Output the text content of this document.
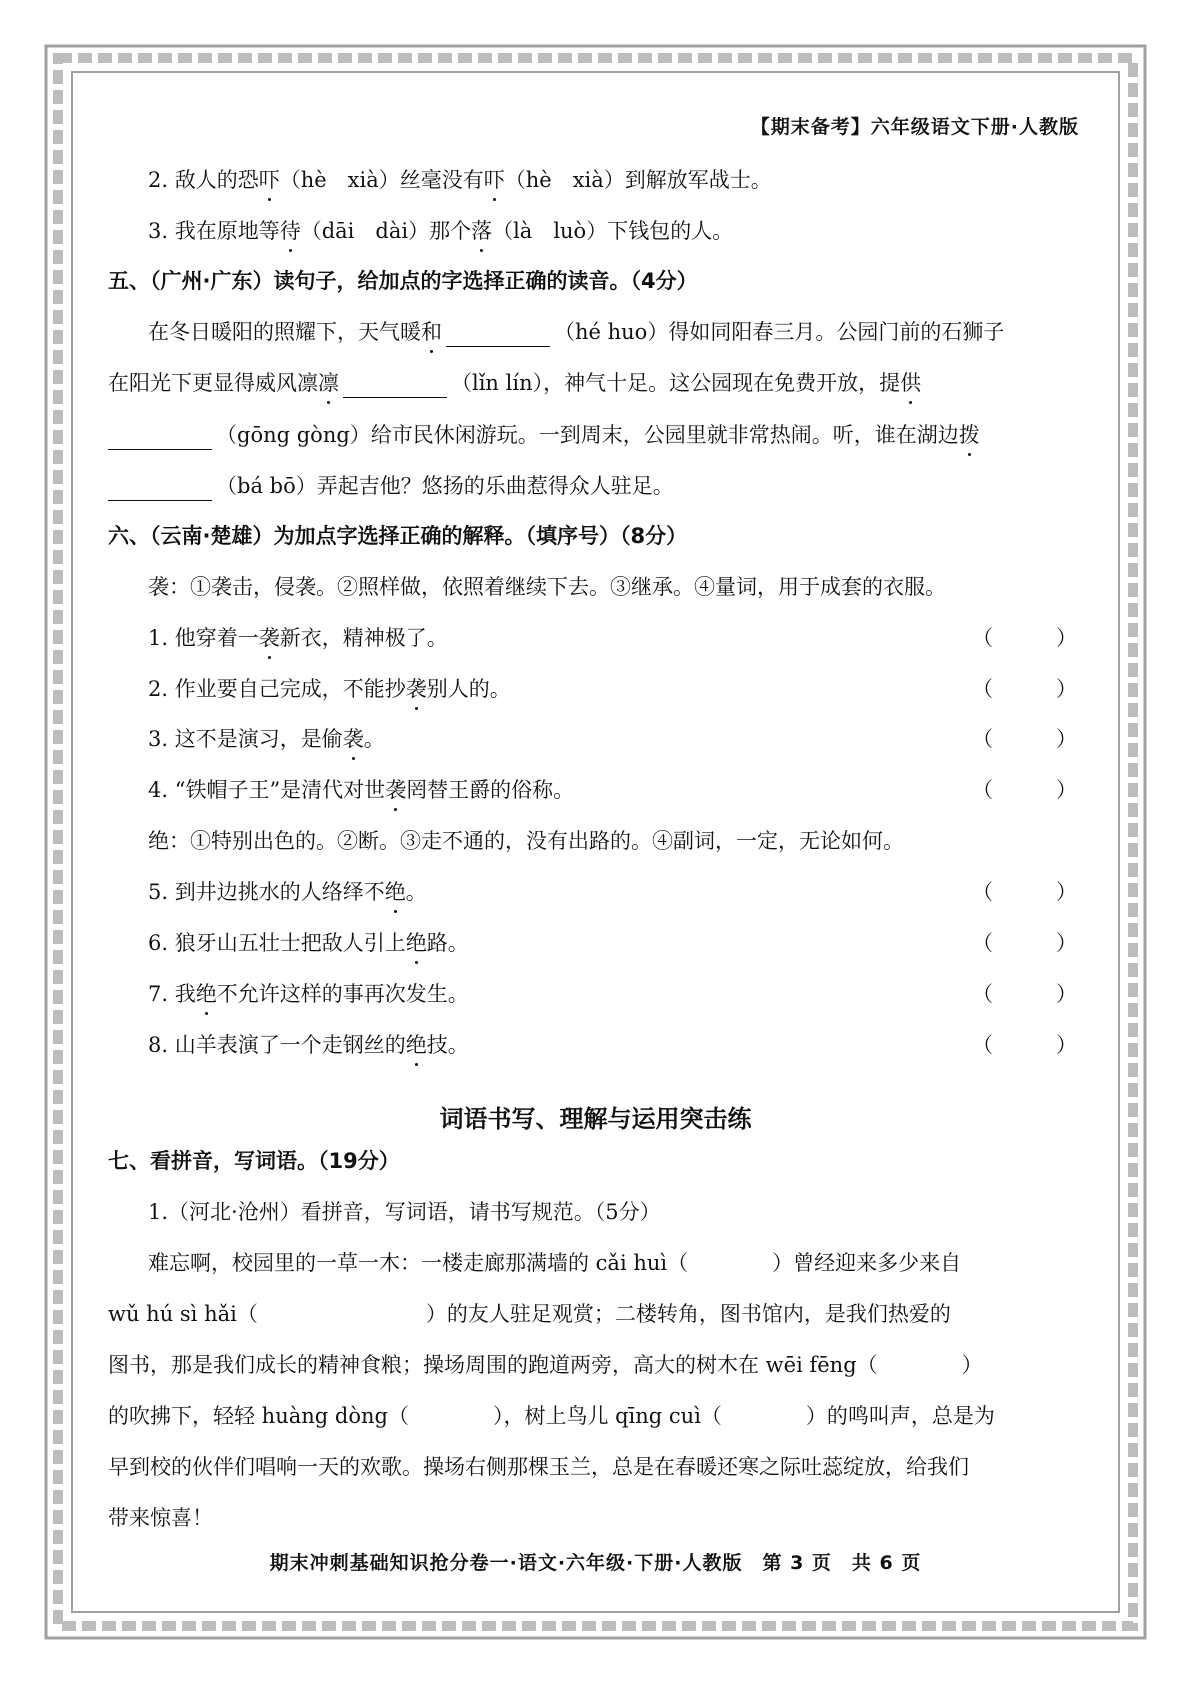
【期末备考】六年级语文下册·人教版
2. 敌人的恐吓（hè　xià）丝毫没有吓（hè　xià）到解放军战士。
3. 我在原地等待（dāi　dài）那个落（là　luò）下钱包的人。
五、（广州·广东）读句子，给加点的字选择正确的读音。（4分）
在冬日暖阳的照耀下，天气暖和	（hé huo）得如同阳春三月。公园门前的石狮子
在阳光下更显得威风凛凛	（lǐn lín），神气十足。这公园现在免费开放，提供
（gōng gòng）给市民休闲游玩。一到周末，公园里就非常热闹。听，谁在湖边拨
（bá bō）弄起吉他？悠扬的乐曲惹得众人驻足。
六、（云南·楚雄）为加点字选择正确的解释。（填序号）（8分）
袭：①袭击，侵袭。②照样做，依照着继续下去。③继承。④量词，用于成套的衣服。
1. 他穿着一袭新衣，精神极了。	（　　　）
2. 作业要自己完成，不能抄袭别人的。	（　　　）
3. 这不是演习，是偷袭。	（　　　）
4. “铁帽子王”是清代对世袭罔替王爵的俗称。	（　　　）
绝：①特别出色的。②断。③走不通的，没有出路的。④副词，一定，无论如何。
5. 到井边挑水的人络绎不绝。	（　　　）
6. 狼牙山五壮士把敌人引上绝路。	（　　　）
7. 我绝不允许这样的事再次发生。	（　　　）
8. 山羊表演了一个走钢丝的绝技。	（　　　）
词语书写、理解与运用突击练
七、看拼音，写词语。（19分）
1.（河北·沧州）看拼音，写词语，请书写规范。（5分）
难忘啊，校园里的一草一木：一楼走廊那满墙的 cǎi huì（　　　　）曾经迎来多少来自
wǔ hú sì hǎi（　　　　　　　　）的友人驻足观赏；二楼转角，图书馆内，是我们热爱的
图书，那是我们成长的精神食粮；操场周围的跑道两旁，高大的树木在 wēi fēng（　　　　）
的吹拂下，轻轻 huàng dòng（　　　　），树上鸟儿 qīng cuì（　　　　）的鸣叫声，总是为
早到校的伙伴们唱响一天的欢歌。操场右侧那棵玉兰，总是在春暖还寒之际吐蕊绽放，给我们
带来惊喜！
期末冲刺基础知识抢分卷一·语文·六年级·下册·人教版　第 3 页　共 6 页
